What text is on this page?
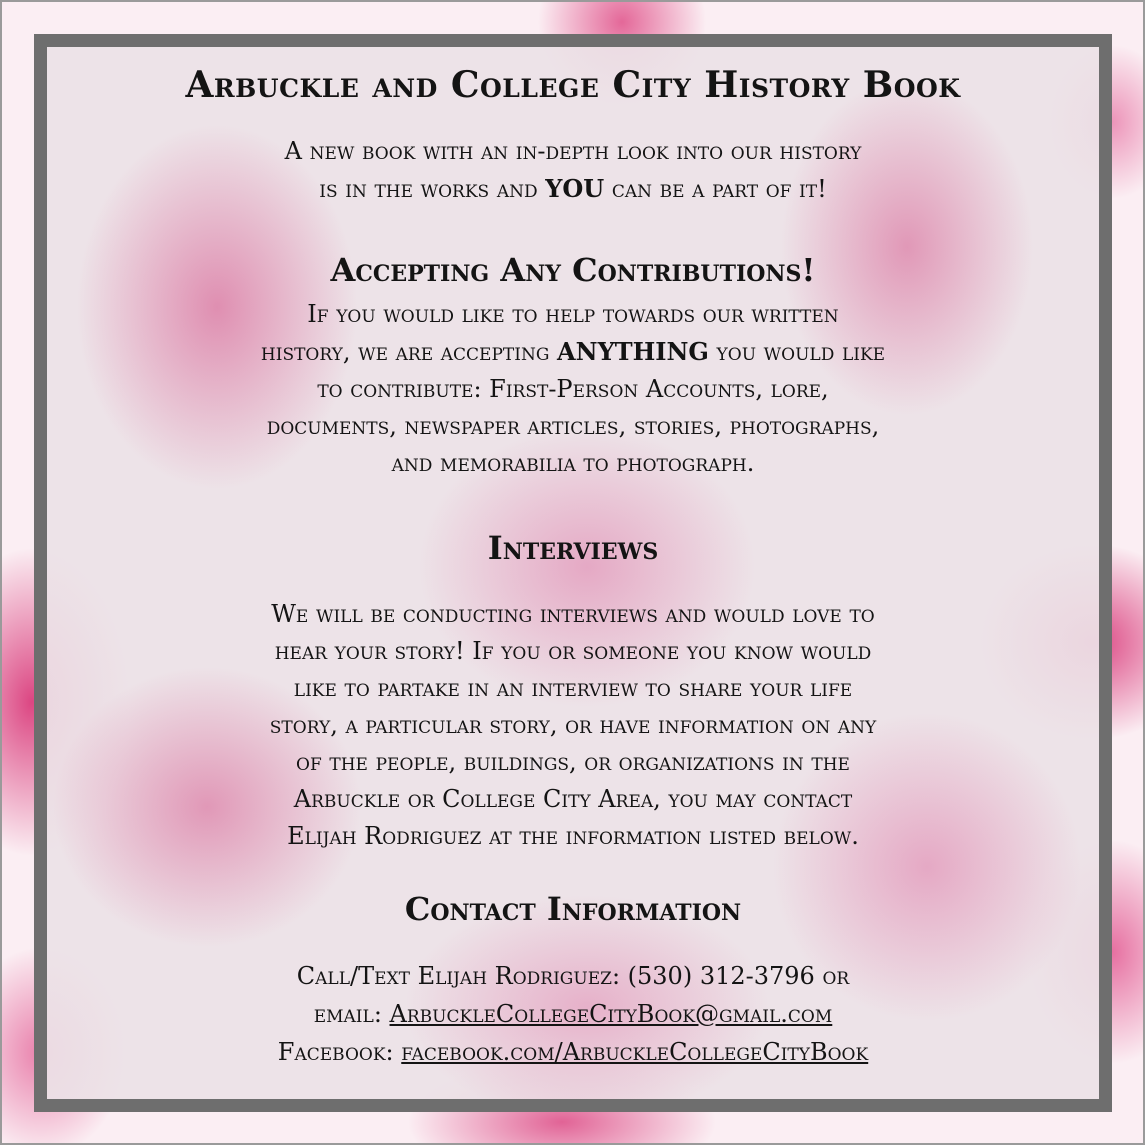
Arbuckle and College City History Book
A new book with an in-depth look into our history
is in the works and YOU can be a part of it!
Accepting Any Contributions!
If you would like to help towards our written
history, we are accepting ANYTHING you would like
to contribute: First-Person Accounts, lore,
documents, newspaper articles, stories, photographs,
and memorabilia to photograph.
Interviews
We will be conducting interviews and would love to
hear your story! If you or someone you know would
like to partake in an interview to share your life
story, a particular story, or have information on any
of the people, buildings, or organizations in the
Arbuckle or College City Area, you may contact
Elijah Rodriguez at the information listed below.
Contact Information
Call/Text Elijah Rodriguez: (530) 312-3796 or
email: ArbuckleCollegeCityBook@gmail.com
Facebook: facebook.com/ArbuckleCollegeCityBook
